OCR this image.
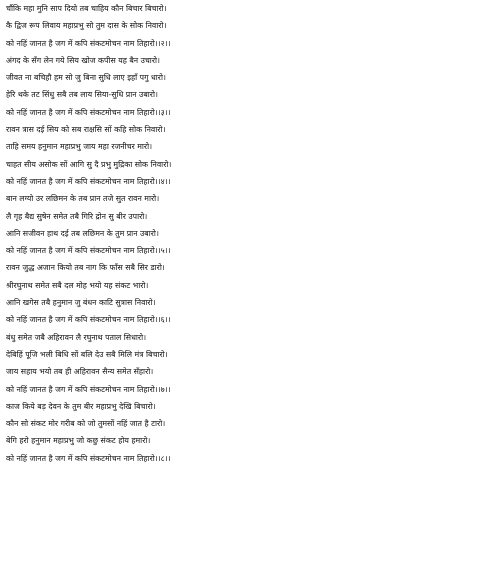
चौंकि महा मुनि साप दियो तब चाहिय कौन बिचार बिचारो।
कै द्विज रूप लिवाय महाप्रभु सो तुम दास के सोक निवारो।
को नहिं जानत है जग में कपि संकटमोचन नाम तिहारो।।२।।
अंगद के सँग लेन गये सिय खोज कपीस यह बैन उचारो।
जीवत ना बचिहौ हम सो जु बिना सुधि लाए इहाँ पगु धारो।
हेरि थके तट सिंधु सबै तब लाय सिया-सुधि प्रान उबारो।
को नहिं जानत है जग में कपि संकटमोचन नाम तिहारो।।३।।
रावन त्रास दई सिय को सब राक्षसि सों कहि सोक निवारो।
ताहि समय हनुमान महाप्रभु जाय महा रजनीचर मारो।
चाहत सीय असोक सों आगि सु दै प्रभु मुद्रिका सोक निवारो।
को नहिं जानत है जग में कपि संकटमोचन नाम तिहारो।।४।।
बान लग्यो उर लछिमन के तब प्रान तजे सुत रावन मारो।
लै गृह बैद्य सुषेन समेत तबै गिरि द्रोन सु बीर उपारो।
आनि सजीवन हाथ दई तब लछिमन के तुम प्रान उबारो।
को नहिं जानत है जग में कपि संकटमोचन नाम तिहारो।।५।।
रावन जुद्ध अजान कियो तब नाग कि फाँस सबै सिर डारो।
श्रीरघुनाथ समेत सबै दल मोह भयो यह संकट भारो।
आनि खगेस तबै हनुमान जु बंधन काटि सुत्रास निवारो।
को नहिं जानत है जग में कपि संकटमोचन नाम तिहारो।।६।।
बंधु समेत जबै अहिरावन लै रघुनाथ पताल सिधारो।
देबिहिं पूजि भली बिधि सों बलि देउ सबै मिलि मंत्र बिचारो।
जाय सहाय भयो तब ही अहिरावन सैन्य समेत सँहारो।
को नहिं जानत है जग में कपि संकटमोचन नाम तिहारो।।७।।
काज किये बड़ देवन के तुम बीर महाप्रभु देखि बिचारो।
कौन सो संकट मोर गरीब को जो तुमसों नहिं जात है टारो।
बेगि हरो हनुमान महाप्रभु जो कछु संकट होय हमारो।
को नहिं जानत है जग में कपि संकटमोचन नाम तिहारो।।८।।
